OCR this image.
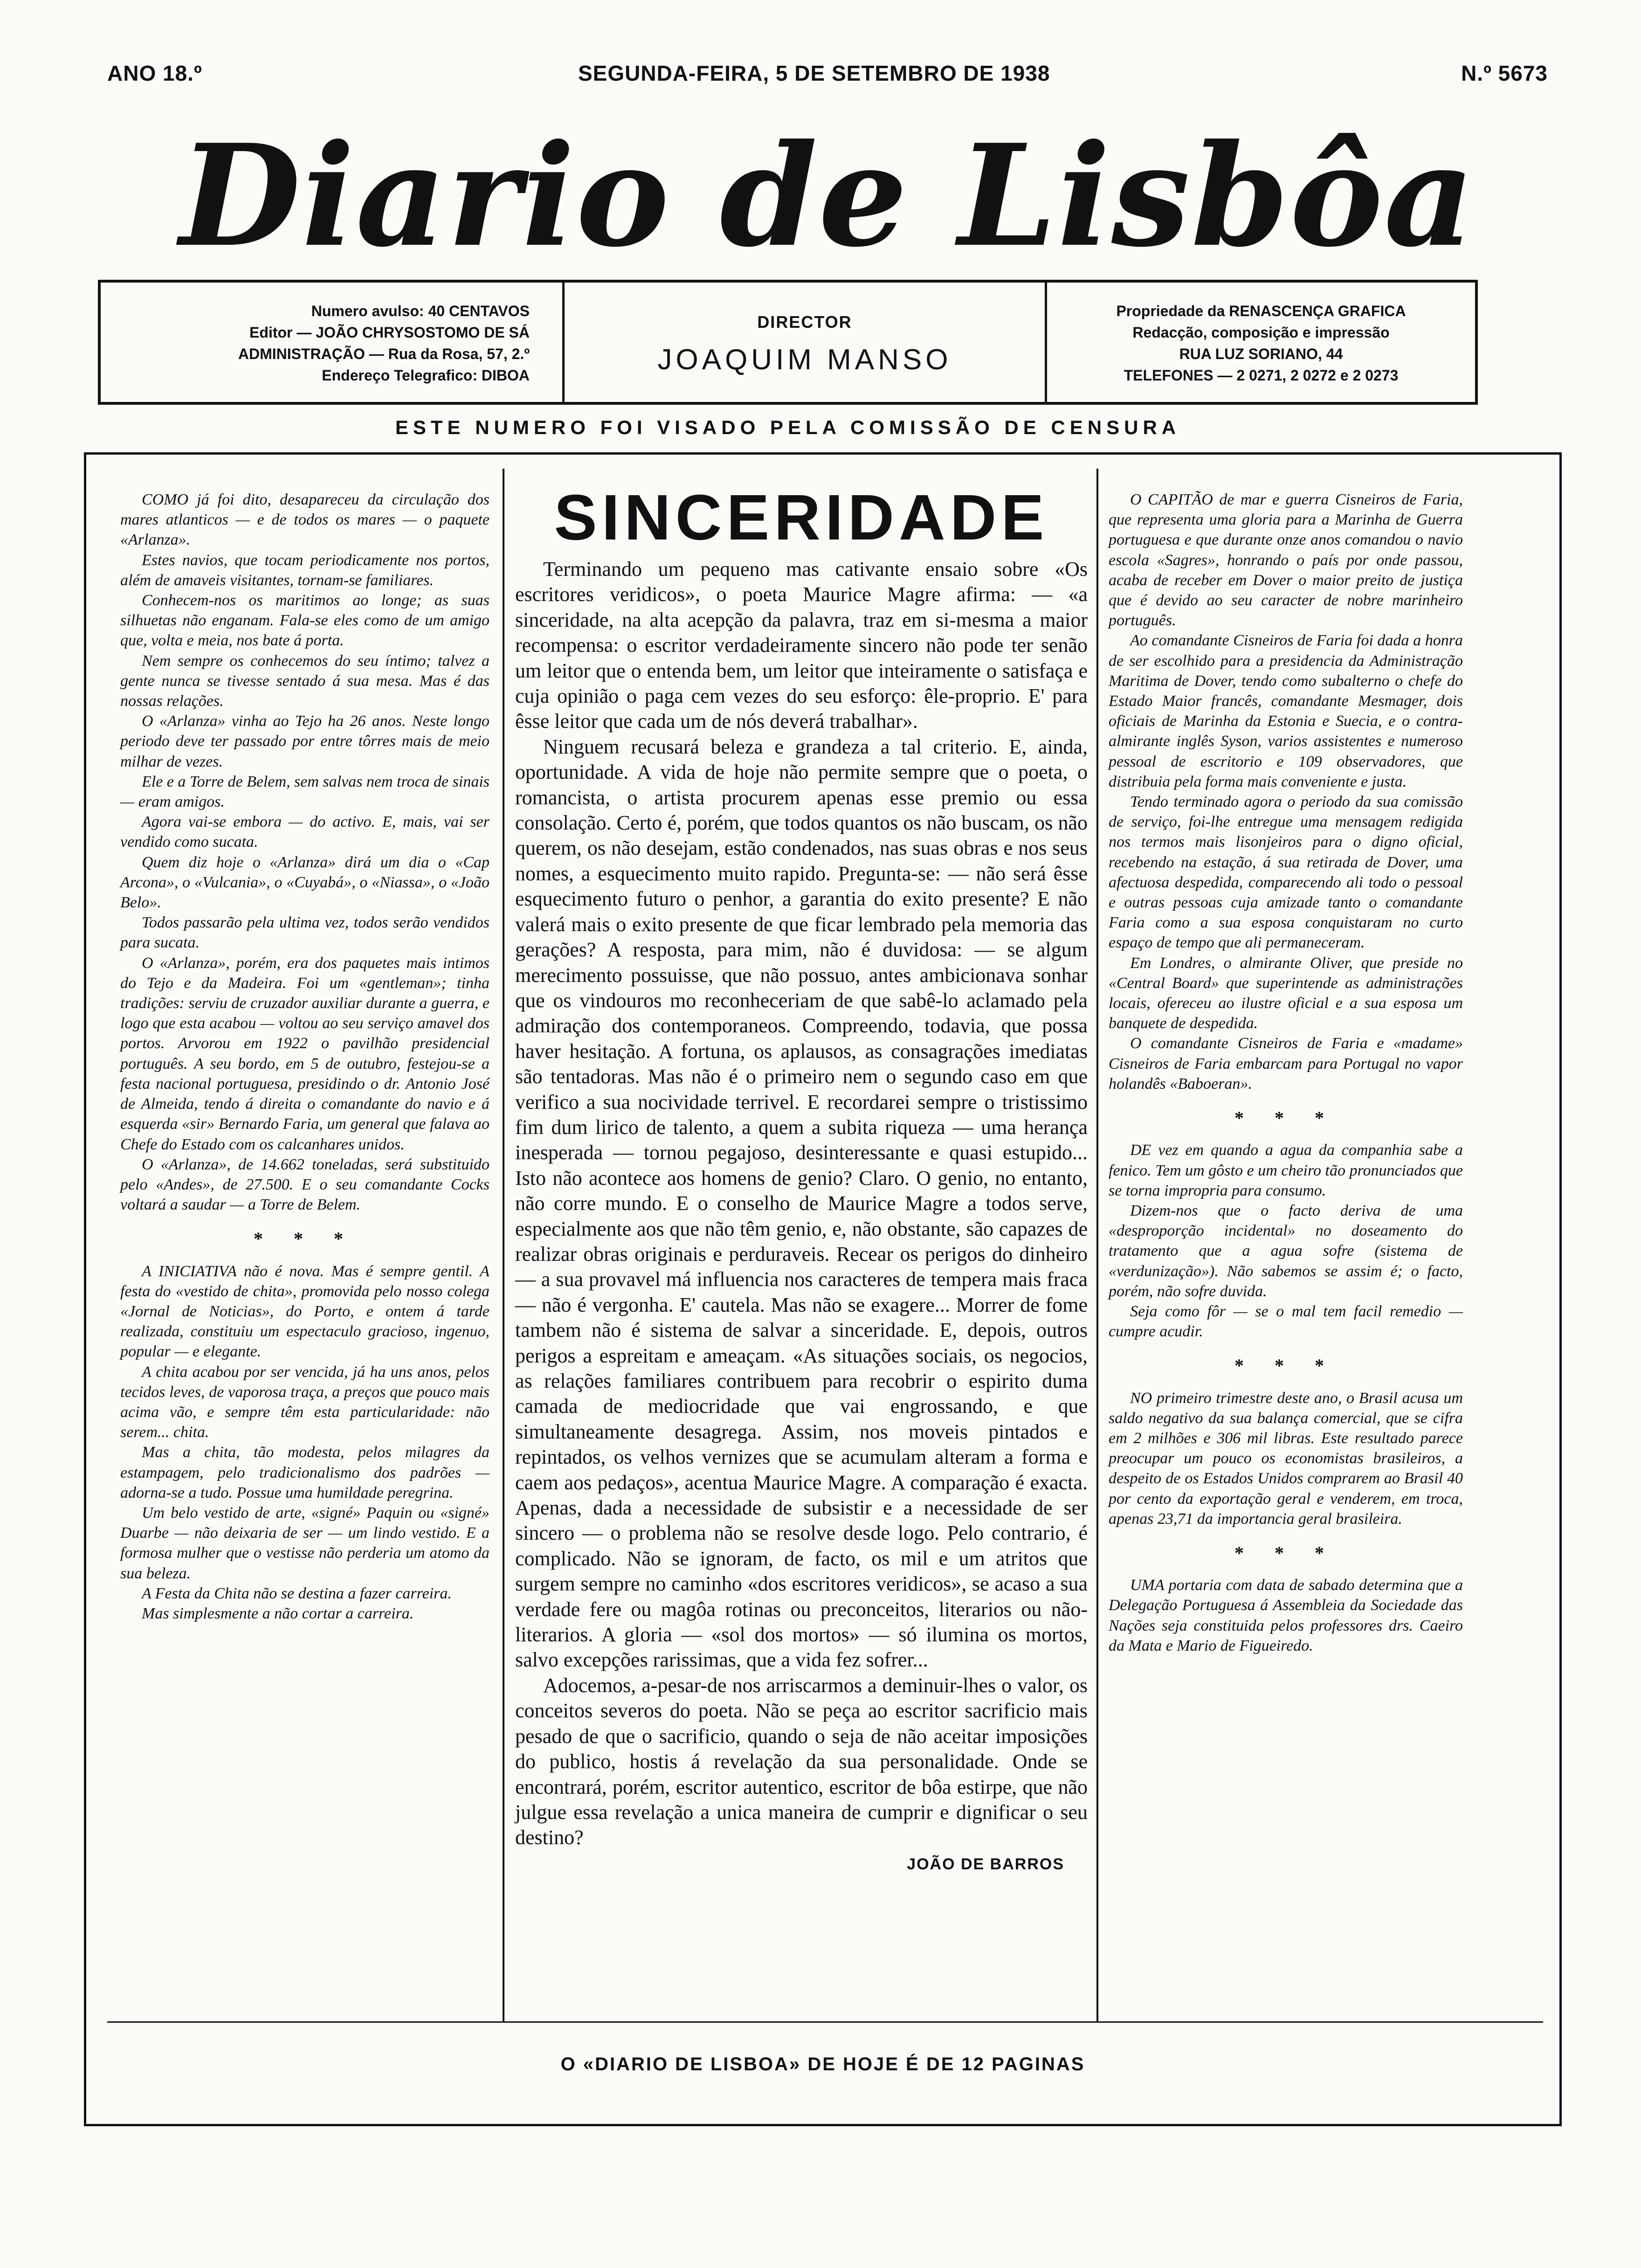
ANO 18.º	SEGUNDA-FEIRA, 5 DE SETEMBRO DE 1938	N.º 5673
Diario de Lisbôa
Numero avulso: 40 CENTAVOS
Editor — JOÃO CHRYSOSTOMO DE SÁ
ADMINISTRAÇÃO — Rua da Rosa, 57, 2.º
Endereço Telegrafico: DIBOA
DIRECTOR
JOAQUIM MANSO
Propriedade da RENASCENÇA GRAFICA
Redacção, composição e impressão
RUA LUZ SORIANO, 44
TELEFONES — 2 0271, 2 0272 e 2 0273
ESTE NUMERO FOI VISADO PELA COMISSÃO DE CENSURA

COMO já foi dito, desapareceu da circulação dos mares atlanticos — e de todos os mares — o paquete «Arlanza».

Estes navios, que tocam periodicamente nos portos, além de amaveis visitantes, tornam-se familiares.

Conhecem-nos os maritimos ao longe; as suas silhuetas não enganam. Fala-se eles como de um amigo que, volta e meia, nos bate á porta.

Nem sempre os conhecemos do seu íntimo; talvez a gente nunca se tivesse sentado á sua mesa. Mas é das nossas relações.

O «Arlanza» vinha ao Tejo ha 26 anos. Neste longo periodo deve ter passado por entre tôrres mais de meio milhar de vezes.

Ele e a Torre de Belem, sem salvas nem troca de sinais — eram amigos.

Agora vai-se embora — do activo. E, mais, vai ser vendido como sucata.

Quem diz hoje o «Arlanza» dirá um dia o «Cap Arcona», o «Vulcania», o «Cuyabá», o «Niassa», o «João Belo».

Todos passarão pela ultima vez, todos serão vendidos para sucata.

O «Arlanza», porém, era dos paquetes mais intimos do Tejo e da Madeira. Foi um «gentleman»; tinha tradições: serviu de cruzador auxiliar durante a guerra, e logo que esta acabou — voltou ao seu serviço amavel dos portos. Arvorou em 1922 o pavilhão presidencial português. A seu bordo, em 5 de outubro, festejou-se a festa nacional portuguesa, presidindo o dr. Antonio José de Almeida, tendo á direita o comandante do navio e á esquerda «sir» Bernardo Faria, um general que falava ao Chefe do Estado com os calcanhares unidos.

O «Arlanza», de 14.662 toneladas, será substituido pelo «Andes», de 27.500. E o seu comandante Cocks voltará a saudar — a Torre de Belem.

* * *

A INICIATIVA não é nova. Mas é sempre gentil. A festa do «vestido de chita», promovida pelo nosso colega «Jornal de Noticias», do Porto, e ontem á tarde realizada, constituiu um espectaculo gracioso, ingenuo, popular — e elegante.

A chita acabou por ser vencida, já ha uns anos, pelos tecidos leves, de vaporosa traça, a preços que pouco mais acima vão, e sempre têm esta particularidade: não serem... chita.

Mas a chita, tão modesta, pelos milagres da estampagem, pelo tradicionalismo dos padrões — adorna-se a tudo. Possue uma humildade peregrina.

Um belo vestido de arte, «signé» Paquin ou «signé» Duarbe — não deixaria de ser — um lindo vestido. E a formosa mulher que o vestisse não perderia um atomo da sua beleza.

A Festa da Chita não se destina a fazer carreira.

Mas simplesmente a não cortar a carreira.

SINCERIDADE

Terminando um pequeno mas cativante ensaio sobre «Os escritores veridicos», o poeta Maurice Magre afirma: — «a sinceridade, na alta acepção da palavra, traz em si-mesma a maior recompensa: o escritor verdadeiramente sincero não pode ter senão um leitor que o entenda bem, um leitor que inteiramente o satisfaça e cuja opinião o paga cem vezes do seu esforço: êle-proprio. E' para êsse leitor que cada um de nós deverá trabalhar».

Ninguem recusará beleza e grandeza a tal criterio. E, ainda, oportunidade. A vida de hoje não permite sempre que o poeta, o romancista, o artista procurem apenas esse premio ou essa consolação. Certo é, porém, que todos quantos os não buscam, os não querem, os não desejam, estão condenados, nas suas obras e nos seus nomes, a esquecimento muito rapido. Pregunta-se: — não será êsse esquecimento futuro o penhor, a garantia do exito presente? E não valerá mais o exito presente de que ficar lembrado pela memoria das gerações? A resposta, para mim, não é duvidosa: — se algum merecimento possuisse, que não possuo, antes ambicionava sonhar que os vindouros mo reconheceriam de que sabê-lo aclamado pela admiração dos contemporaneos. Compreendo, todavia, que possa haver hesitação. A fortuna, os aplausos, as consagrações imediatas são tentadoras. Mas não é o primeiro nem o segundo caso em que verifico a sua nocividade terrivel. E recordarei sempre o tristissimo fim dum lirico de talento, a quem a subita riqueza — uma herança inesperada — tornou pegajoso, desinteressante e quasi estupido... Isto não acontece aos homens de genio? Claro. O genio, no entanto, não corre mundo. E o conselho de Maurice Magre a todos serve, especialmente aos que não têm genio, e, não obstante, são capazes de realizar obras originais e perduraveis. Recear os perigos do dinheiro — a sua provavel má influencia nos caracteres de tempera mais fraca — não é vergonha. E' cautela. Mas não se exagere... Morrer de fome tambem não é sistema de salvar a sinceridade. E, depois, outros perigos a espreitam e ameaçam. «As situações sociais, os negocios, as relações familiares contribuem para recobrir o espirito duma camada de mediocridade que vai engrossando, e que simultaneamente desagrega. Assim, nos moveis pintados e repintados, os velhos vernizes que se acumulam alteram a forma e caem aos pedaços», acentua Maurice Magre. A comparação é exacta. Apenas, dada a necessidade de subsistir e a necessidade de ser sincero — o problema não se resolve desde logo. Pelo contrario, é complicado. Não se ignoram, de facto, os mil e um atritos que surgem sempre no caminho «dos escritores veridicos», se acaso a sua verdade fere ou magôa rotinas ou preconceitos, literarios ou não-literarios. A gloria — «sol dos mortos» — só ilumina os mortos, salvo excepções rarissimas, que a vida fez sofrer...

Adocemos, a-pesar-de nos arriscarmos a deminuir-lhes o valor, os conceitos severos do poeta. Não se peça ao escritor sacrificio mais pesado de que o sacrificio, quando o seja de não aceitar imposições do publico, hostis á revelação da sua personalidade. Onde se encontrará, porém, escritor autentico, escritor de bôa estirpe, que não julgue essa revelação a unica maneira de cumprir e dignificar o seu destino?

JOÃO DE BARROS

O CAPITÃO de mar e guerra Cisneiros de Faria, que representa uma gloria para a Marinha de Guerra portuguesa e que durante onze anos comandou o navio escola «Sagres», honrando o país por onde passou, acaba de receber em Dover o maior preito de justiça que é devido ao seu caracter de nobre marinheiro português.

Ao comandante Cisneiros de Faria foi dada a honra de ser escolhido para a presidencia da Administração Maritima de Dover, tendo como subalterno o chefe do Estado Maior francês, comandante Mesmager, dois oficiais de Marinha da Estonia e Suecia, e o contra-almirante inglês Syson, varios assistentes e numeroso pessoal de escritorio e 109 observadores, que distribuia pela forma mais conveniente e justa.

Tendo terminado agora o periodo da sua comissão de serviço, foi-lhe entregue uma mensagem redigida nos termos mais lisonjeiros para o digno oficial, recebendo na estação, á sua retirada de Dover, uma afectuosa despedida, comparecendo ali todo o pessoal e outras pessoas cuja amizade tanto o comandante Faria como a sua esposa conquistaram no curto espaço de tempo que ali permaneceram.

Em Londres, o almirante Oliver, que preside no «Central Board» que superintende as administrações locais, ofereceu ao ilustre oficial e a sua esposa um banquete de despedida.

O comandante Cisneiros de Faria e «madame» Cisneiros de Faria embarcam para Portugal no vapor holandês «Baboeran».

* * *

DE vez em quando a agua da companhia sabe a fenico. Tem um gôsto e um cheiro tão pronunciados que se torna impropria para consumo.

Dizem-nos que o facto deriva de uma «desproporção incidental» no doseamento do tratamento que a agua sofre (sistema de «verdunização»). Não sabemos se assim é; o facto, porém, não sofre duvida.

Seja como fôr — se o mal tem facil remedio — cumpre acudir.

* * *

NO primeiro trimestre deste ano, o Brasil acusa um saldo negativo da sua balança comercial, que se cifra em 2 milhões e 306 mil libras. Este resultado parece preocupar um pouco os economistas brasileiros, a despeito de os Estados Unidos comprarem ao Brasil 40 por cento da exportação geral e venderem, em troca, apenas 23,71 da importancia geral brasileira.

* * *

UMA portaria com data de sabado determina que a Delegação Portuguesa á Assembleia da Sociedade das Nações seja constituida pelos professores drs. Caeiro da Mata e Mario de Figueiredo.

O «DIARIO DE LISBOA» DE HOJE É DE 12 PAGINAS
